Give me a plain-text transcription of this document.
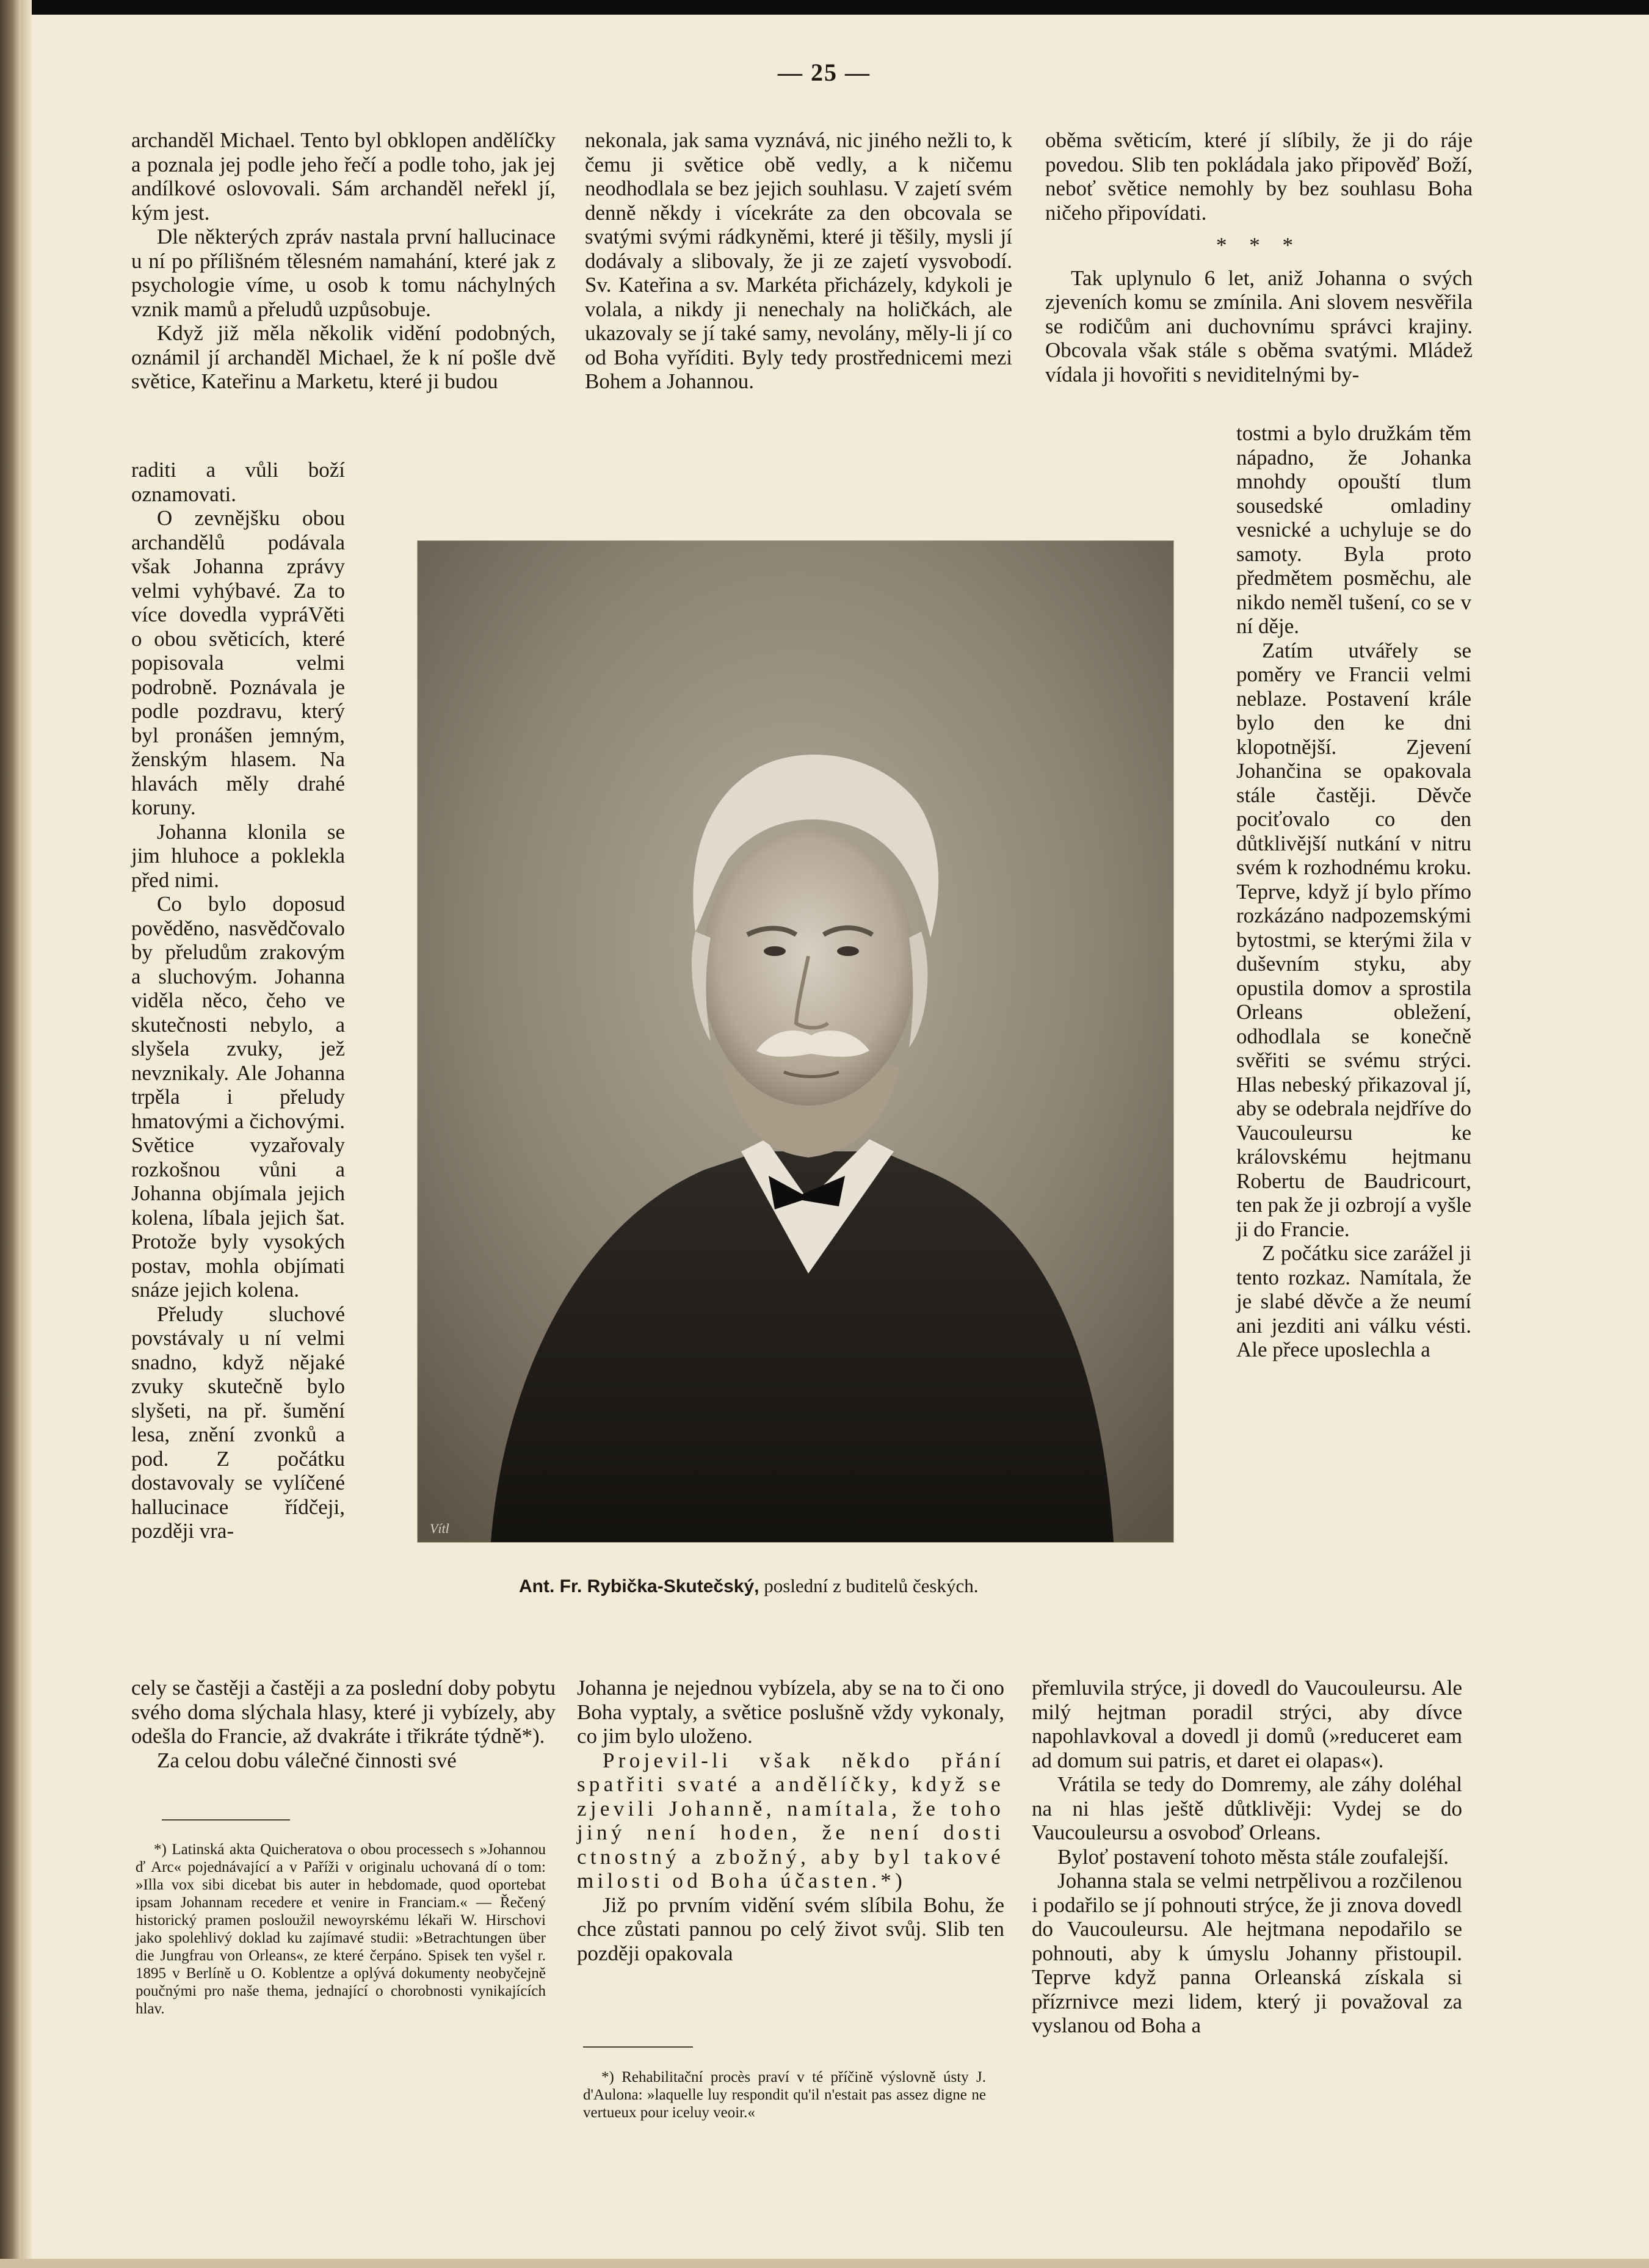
— 25 —

archanděl Michael. Tento byl obklopen andělíčky a poznala jej podle jeho řečí a podle toho, jak jej andílkové oslovovali. Sám archanděl neřekl jí, kým jest.

Dle některých zpráv nastala první hallucinace u ní po přílišném tělesném namahání, které jak z psychologie víme, u osob k tomu náchylných vznik mamů a přeludů uzpůsobuje.

Když již měla několik vidění podobných, oznámil jí archanděl Michael, že k ní pošle dvě světice, Kateřinu a Marketu, které ji budou

raditi a vůli boží oznamovati.

O zevnějšku obou archandělů podávala však Johanna zprávy velmi vyhýbavé. Za to více dovedla vypráVěti o obou světicích, které popisovala velmi podrobně. Poznávala je podle pozdravu, který byl pronášen jemným, ženským hlasem. Na hlavách měly drahé koruny.

Johanna klonila se jim hluhoce a poklekla před nimi.

Co bylo doposud pověděno, nasvědčovalo by přeludům zrakovým a sluchovým. Johanna viděla něco, čeho ve skutečnosti nebylo, a slyšela zvuky, jež nevznikaly. Ale Johanna trpěla i přeludy hmatovými a čichovými. Světice vyzařovaly rozkošnou vůni a Johanna objímala jejich kolena, líbala jejich šat. Protože byly vysokých postav, mohla objímati snáze jejich kolena.

Přeludy sluchové povstávaly u ní velmi snadno, když nějaké zvuky skutečně bylo slyšeti, na př. šumění lesa, znění zvonků a pod. Z počátku dostavovaly se vylíčené hallucinace řídčeji, později vra-

cely se častěji a častěji a za poslední doby pobytu svého doma slýchala hlasy, které ji vybízely, aby odešla do Francie, až dvakráte i třikráte týdně*).

Za celou dobu válečné činnosti své

*) Latinská akta Quicheratova o obou processech s »Johannou ď Arc« pojednávající a v Paříži v originalu uchovaná dí o tom: »Illa vox sibi dicebat bis auter in hebdomade, quod oportebat ipsam Johannam recedere et venire in Franciam.« — Řečený historický pramen posloužil newoyrskému lékaři W. Hirschovi jako spolehlivý doklad ku zajímavé studii: »Betrachtungen über die Jungfrau von Orleans«, ze které čerpáno. Spisek ten vyšel r. 1895 v Berlíně u O. Koblentze a oplývá dokumenty neobyčejně poučnými pro naše thema, jednající o chorobnosti vynikajících hlav.

nekonala, jak sama vyznává, nic jiného nežli to, k čemu ji světice obě vedly, a k ničemu neodhodlala se bez jejich souhlasu. V zajetí svém denně někdy i vícekráte za den obcovala se svatými svými rádkyněmi, které ji těšily, mysli jí dodávaly a slibovaly, že ji ze zajetí vysvobodí. Sv. Kateřina a sv. Markéta přicházely, kdykoli je volala, a nikdy ji nenechaly na holičkách, ale ukazovaly se jí také samy, nevolány, měly-li jí co od Boha vyříditi. Byly tedy prostřednicemi mezi Bohem a Johannou.

Johanna je nejednou vybízela, aby se na to či ono Boha vyptaly, a světice poslušně vždy vykonaly, co jim bylo uloženo.

Projevil-li však někdo přání spatřiti svaté a andělíčky, když se zjevili Johanně, namítala, že toho jiný není hoden, že není dosti ctnostný a zbožný, aby byl takové milosti od Boha účasten.*)

Již po prvním vidění svém slíbila Bohu, že chce zůstati pannou po celý život svůj. Slib ten později opakovala

*) Rehabilitační procès praví v té příčině výslovně ústy J. d'Aulona: »laquelle luy respondit qu'il n'estait pas assez digne ne vertueux pour iceluy veoir.«

oběma světicím, které jí slíbily, že ji do ráje povedou. Slib ten pokládala jako připověď Boží, neboť světice nemohly by bez souhlasu Boha ničeho připovídati.

* * *

Tak uplynulo 6 let, aniž Johanna o svých zjeveních komu se zmínila. Ani slovem nesvěřila se rodičům ani duchovnímu správci krajiny. Obcovala však stále s oběma svatými. Mládež vídala ji hovořiti s neviditelnými by-

tostmi a bylo družkám těm nápadno, že Johanka mnohdy opouští tlum sousedské omladiny vesnické a uchyluje se do samoty. Byla proto předmětem posměchu, ale nikdo neměl tušení, co se v ní děje.

Zatím utvářely se poměry ve Francii velmi neblaze. Postavení krále bylo den ke dni klopotnější. Zjevení Johančina se opakovala stále častěji. Děvče pociťovalo co den důtklivější nutkání v nitru svém k rozhodnému kroku. Teprve, když jí bylo přímo rozkázáno nadpozemskými bytostmi, se kterými žila v duševním styku, aby opustila domov a sprostila Orleans obležení, odhodlala se konečně svěřiti se svému strýci. Hlas nebeský přikazoval jí, aby se odebrala nejdříve do Vaucouleursu ke královskému hejtmanu Robertu de Baudricourt, ten pak že ji ozbrojí a vyšle ji do Francie.

Z počátku sice zarážel ji tento rozkaz. Namítala, že je slabé děvče a že neumí ani jezditi ani válku vésti. Ale přece uposlechla a

přemluvila strýce, ji dovedl do Vaucouleursu. Ale milý hejtman poradil strýci, aby dívce napohlavkoval a dovedl ji domů (»reduceret eam ad domum sui patris, et daret ei olapas«).

Vrátila se tedy do Domremy, ale záhy doléhal na ni hlas ještě důtklivěji: Vydej se do Vaucouleursu a osvoboď Orleans.

Byloť postavení tohoto města stále zoufalejší.

Johanna stala se velmi netrpělivou a rozčilenou i podařilo se jí pohnouti strýce, že ji znova dovedl do Vaucouleursu. Ale hejtmana nepodařilo se pohnouti, aby k úmyslu Johanny přistoupil. Teprve když panna Orleanská získala si přízrnivce mezi lidem, který ji považoval za vyslanou od Boha a

Vítl
Ant. Fr. Rybička-Skutečský, poslední z buditelů českých.
